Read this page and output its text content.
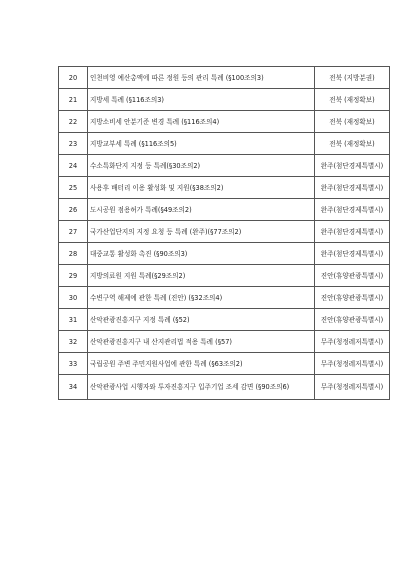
20	인천비영 예산총액에 따른 정원 등의 관리 특례 (§100조의3)	전북 (지방분권)
21	지방세 특례 (§116조의3)	전북 (재정확보)
22	지방소비세 안분기준 변경 특례 (§116조의4)	전북 (재정확보)
23	지방교부세 특례 (§116조의5)	전북 (재정확보)
24	수소특화단지 지정 등 특례(§30조의2)	완주(첨단경제특별시)
25	사용후 배터리 이용 활성화 및 지원(§38조의2)	완주(첨단경제특별시)
26	도시공원 점용허가 특례(§49조의2)	완주(첨단경제특별시)
27	국가산업단지의 지정 요청 등 특례 (완주)(§77조의2)	완주(첨단경제특별시)
28	대중교통 활성화 촉진 (§90조의3)	완주(첨단경제특별시)
29	지방의료원 지원 특례(§29조의2)	진안(휴양관광특별시)
30	수변구역 해제에 관한 특례 (진안) (§32조의4)	진안(휴양관광특별시)
31	산악관광진흥지구 지정 특례 (§52)	진안(휴양관광특별시)
32	산악관광진흥지구 내 산지관리법 적용 특례 (§57)	무주(청정레저특별시)
33	국립공원 주변 주민지원사업에 관한 특례 (§63조의2)	무주(청정레저특별시)
34	산악관광사업 시행자와 투자진흥지구 입주기업 조세 감면 (§90조의6)	무주(청정레저특별시)
